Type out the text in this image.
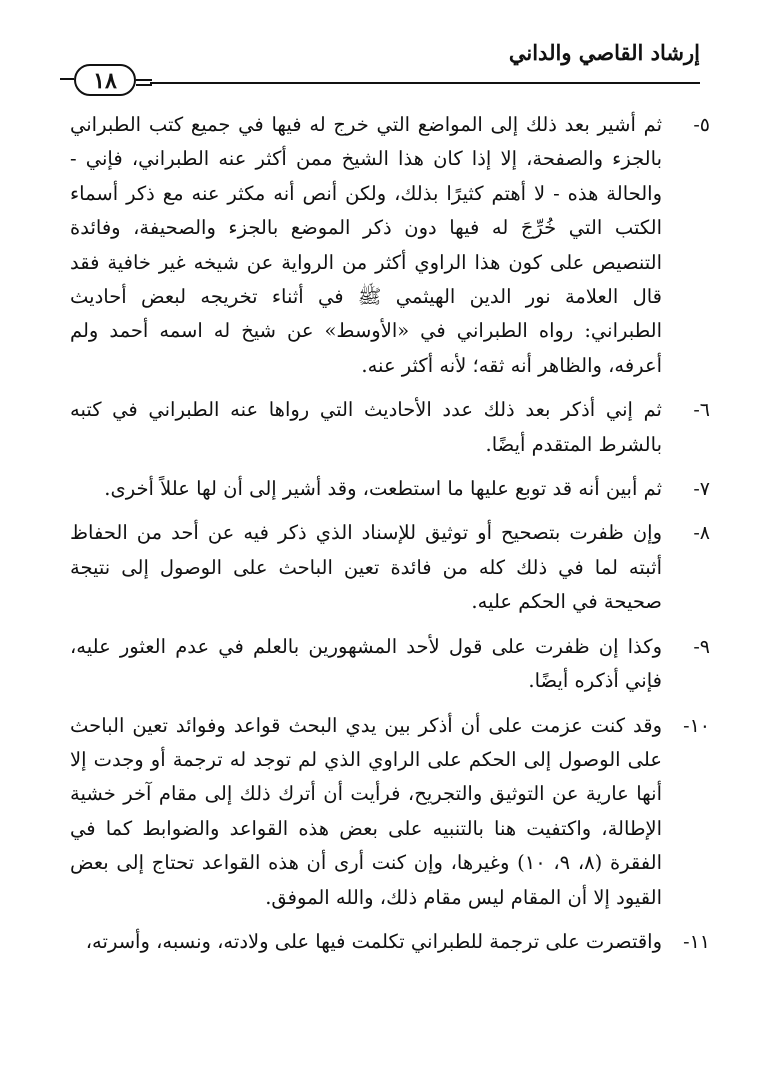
إرشاد القاصي والداني
١٨
٥-
ثم أشير بعد ذلك إلى المواضع التي خرج له فيها في جميع كتب الطبراني بالجزء والصفحة، إلا إذا كان هذا الشيخ ممن أكثر عنه الطبراني، فإني - والحالة هذه - لا أهتم كثيرًا بذلك، ولكن أنص أنه مكثر عنه مع ذكر أسماء الكتب التي خُرِّجَ له فيها دون ذكر الموضع بالجزء والصحيفة، وفائدة التنصيص على كون هذا الراوي أكثر من الرواية عن شيخه غير خافية فقد قال العلامة نور الدين الهيثمي ﷺ في أثناء تخريجه لبعض أحاديث الطبراني: رواه الطبراني في «الأوسط» عن شيخ له اسمه أحمد ولم أعرفه، والظاهر أنه ثقه؛ لأنه أكثر عنه.
٦-
ثم إني أذكر بعد ذلك عدد الأحاديث التي رواها عنه الطبراني في كتبه بالشرط المتقدم أيضًا.
٧-
ثم أبين أنه قد توبع عليها ما استطعت، وقد أشير إلى أن لها عللاً أخرى.
٨-
وإن ظفرت بتصحيح أو توثيق للإسناد الذي ذكر فيه عن أحد من الحفاظ أثبته لما في ذلك كله من فائدة تعين الباحث على الوصول إلى نتيجة صحيحة في الحكم عليه.
٩-
وكذا إن ظفرت على قول لأحد المشهورين بالعلم في عدم العثور عليه، فإني أذكره أيضًا.
١٠-
وقد كنت عزمت على أن أذكر بين يدي البحث قواعد وفوائد تعين الباحث على الوصول إلى الحكم على الراوي الذي لم توجد له ترجمة أو وجدت إلا أنها عارية عن التوثيق والتجريح، فرأيت أن أترك ذلك إلى مقام آخر خشية الإطالة، واكتفيت هنا بالتنبيه على بعض هذه القواعد والضوابط كما في الفقرة (٨، ٩، ١٠) وغيرها، وإن كنت أرى أن هذه القواعد تحتاج إلى بعض القيود إلا أن المقام ليس مقام ذلك، والله الموفق.
١١-
واقتصرت على ترجمة للطبراني تكلمت فيها على ولادته، ونسبه، وأسرته،
